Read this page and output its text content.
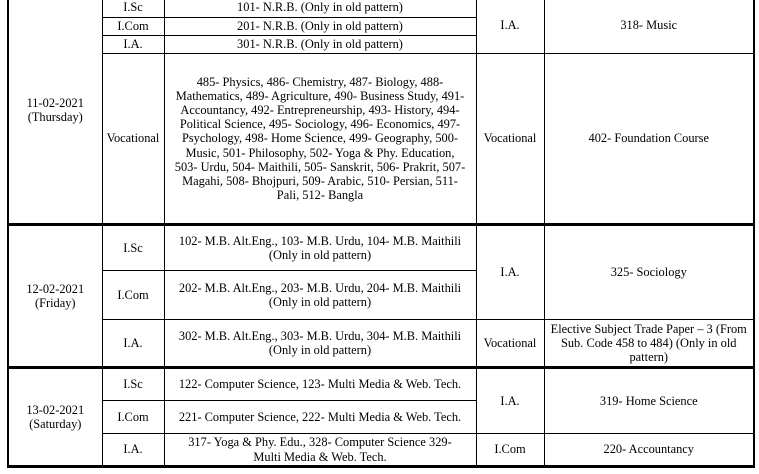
11-02-2021
(Thursday)	I.Sc	101- N.R.B. (Only in old pattern)	I.A.	318- Music
	I.Com	201- N.R.B. (Only in old pattern)		
	I.A.	301- N.R.B. (Only in old pattern)		
	Vocational	485- Physics, 486- Chemistry, 487- Biology, 488- Mathematics, 489- Agriculture, 490- Business Study, 491- Accountancy, 492- Entrepreneurship, 493- History, 494- Political Science, 495- Sociology, 496- Economics, 497- Psychology, 498- Home Science, 499- Geography, 500- Music, 501- Philosophy, 502- Yoga & Phy. Education, 503- Urdu, 504- Maithili, 505- Sanskrit, 506- Prakrit, 507- Magahi, 508- Bhojpuri, 509- Arabic, 510- Persian, 511- Pali, 512- Bangla	Vocational	402- Foundation Course

12-02-2021
(Friday)	I.Sc	102- M.B. Alt.Eng., 103- M.B. Urdu, 104- M.B. Maithili (Only in old pattern)	I.A.	325- Sociology
	I.Com	202- M.B. Alt.Eng., 203- M.B. Urdu, 204- M.B. Maithili (Only in old pattern)		
	I.A.	302- M.B. Alt.Eng., 303- M.B. Urdu, 304- M.B. Maithili (Only in old pattern)	Vocational	Elective Subject Trade Paper – 3 (From Sub. Code 458 to 484) (Only in old pattern)

13-02-2021
(Saturday)	I.Sc	122- Computer Science, 123- Multi Media & Web. Tech.	I.A.	319- Home Science
	I.Com	221- Computer Science, 222- Multi Media & Web. Tech.		
	I.A.	317- Yoga & Phy. Edu., 328- Computer Science 329- Multi Media & Web. Tech.	I.Com	220- Accountancy
